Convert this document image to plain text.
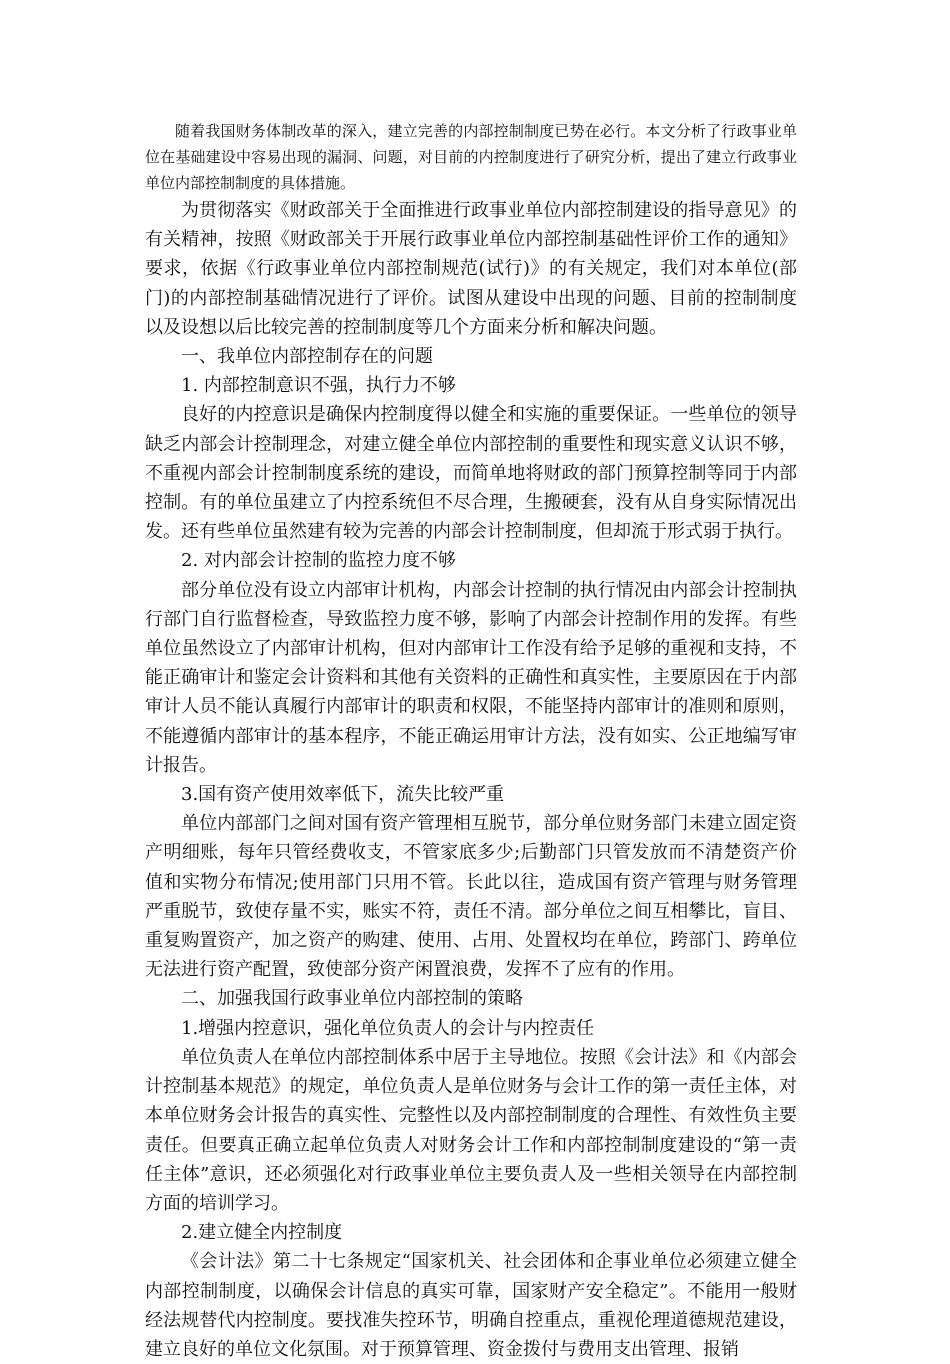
随着我国财务体制改革的深入，建立完善的内部控制制度已势在必行。本文分析了行政事业单位在基础建设中容易出现的漏洞、问题，对目前的内控制度进行了研究分析，提出了建立行政事业单位内部控制制度的具体措施。

为贯彻落实《财政部关于全面推进行政事业单位内部控制建设的指导意见》的有关精神，按照《财政部关于开展行政事业单位内部控制基础性评价工作的通知》要求，依据《行政事业单位内部控制规范(试行)》的有关规定，我们对本单位(部门)的内部控制基础情况进行了评价。试图从建设中出现的问题、目前的控制制度以及设想以后比较完善的控制制度等几个方面来分析和解决问题。

一、我单位内部控制存在的问题

1. 内部控制意识不强，执行力不够

良好的内控意识是确保内控制度得以健全和实施的重要保证。一些单位的领导缺乏内部会计控制理念，对建立健全单位内部控制的重要性和现实意义认识不够，不重视内部会计控制制度系统的建设，而简单地将财政的部门预算控制等同于内部控制。有的单位虽建立了内控系统但不尽合理，生搬硬套，没有从自身实际情况出发。还有些单位虽然建有较为完善的内部会计控制制度，但却流于形式弱于执行。

2. 对内部会计控制的监控力度不够

部分单位没有设立内部审计机构，内部会计控制的执行情况由内部会计控制执行部门自行监督检查，导致监控力度不够，影响了内部会计控制作用的发挥。有些单位虽然设立了内部审计机构，但对内部审计工作没有给予足够的重视和支持，不能正确审计和鉴定会计资料和其他有关资料的正确性和真实性，主要原因在于内部审计人员不能认真履行内部审计的职责和权限，不能坚持内部审计的准则和原则，不能遵循内部审计的基本程序，不能正确运用审计方法，没有如实、公正地编写审计报告。

3.国有资产使用效率低下，流失比较严重

单位内部部门之间对国有资产管理相互脱节，部分单位财务部门未建立固定资产明细账，每年只管经费收支，不管家底多少;后勤部门只管发放而不清楚资产价值和实物分布情况;使用部门只用不管。长此以往，造成国有资产管理与财务管理严重脱节，致使存量不实，账实不符，责任不清。部分单位之间互相攀比，盲目、重复购置资产，加之资产的购建、使用、占用、处置权均在单位，跨部门、跨单位无法进行资产配置，致使部分资产闲置浪费，发挥不了应有的作用。

二、加强我国行政事业单位内部控制的策略

1.增强内控意识，强化单位负责人的会计与内控责任

单位负责人在单位内部控制体系中居于主导地位。按照《会计法》和《内部会计控制基本规范》的规定，单位负责人是单位财务与会计工作的第一责任主体，对本单位财务会计报告的真实性、完整性以及内部控制制度的合理性、有效性负主要责任。但要真正确立起单位负责人对财务会计工作和内部控制制度建设的“第一责任主体”意识，还必须强化对行政事业单位主要负责人及一些相关领导在内部控制方面的培训学习。

2.建立健全内控制度

《会计法》第二十七条规定“国家机关、社会团体和企事业单位必须建立健全内部控制制度，以确保会计信息的真实可靠，国家财产安全稳定”。不能用一般财经法规替代内控制度。要找准失控环节，明确自控重点，重视伦理道德规范建设，建立良好的单位文化氛围。对于预算管理、资金拨付与费用支出管理、报销
